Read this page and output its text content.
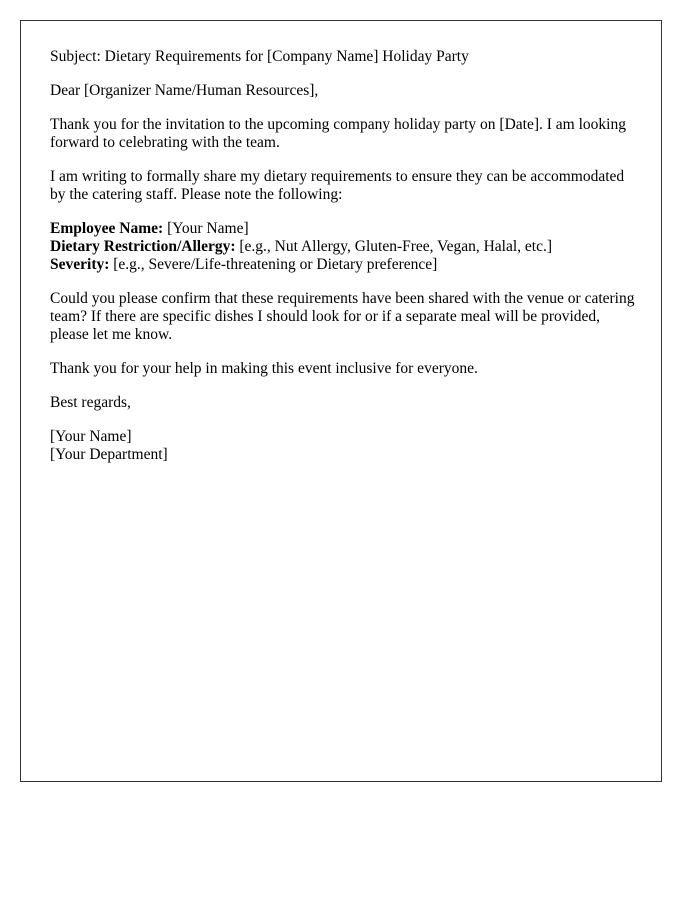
Subject: Dietary Requirements for [Company Name] Holiday Party

Dear [Organizer Name/Human Resources],

Thank you for the invitation to the upcoming company holiday party on [Date]. I am looking forward to celebrating with the team.

I am writing to formally share my dietary requirements to ensure they can be accommodated by the catering staff. Please note the following:

Employee Name: [Your Name]
Dietary Restriction/Allergy: [e.g., Nut Allergy, Gluten-Free, Vegan, Halal, etc.]
Severity: [e.g., Severe/Life-threatening or Dietary preference]

Could you please confirm that these requirements have been shared with the venue or catering team? If there are specific dishes I should look for or if a separate meal will be provided, please let me know.

Thank you for your help in making this event inclusive for everyone.

Best regards,

[Your Name]
[Your Department]
